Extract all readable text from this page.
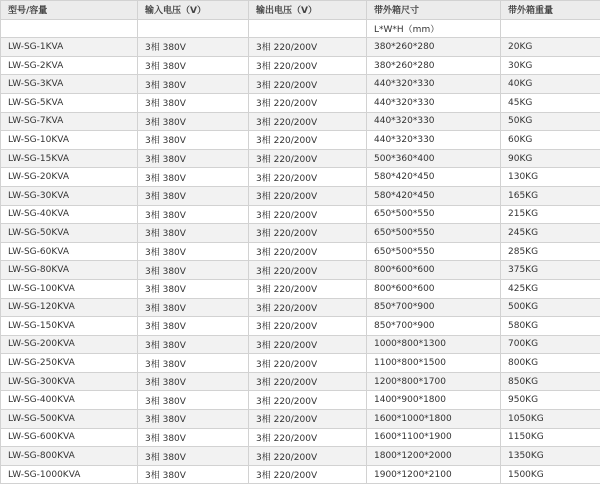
型号/容量	输入电压（V）	输出电压（V）	带外箱尺寸	带外箱重量
			L*W*H（mm）	
LW-SG-1KVA	3相 380V	3相 220/200V	380*260*280	20KG
LW-SG-2KVA	3相 380V	3相 220/200V	380*260*280	30KG
LW-SG-3KVA	3相 380V	3相 220/200V	440*320*330	40KG
LW-SG-5KVA	3相 380V	3相 220/200V	440*320*330	45KG
LW-SG-7KVA	3相 380V	3相 220/200V	440*320*330	50KG
LW-SG-10KVA	3相 380V	3相 220/200V	440*320*330	60KG
LW-SG-15KVA	3相 380V	3相 220/200V	500*360*400	90KG
LW-SG-20KVA	3相 380V	3相 220/200V	580*420*450	130KG
LW-SG-30KVA	3相 380V	3相 220/200V	580*420*450	165KG
LW-SG-40KVA	3相 380V	3相 220/200V	650*500*550	215KG
LW-SG-50KVA	3相 380V	3相 220/200V	650*500*550	245KG
LW-SG-60KVA	3相 380V	3相 220/200V	650*500*550	285KG
LW-SG-80KVA	3相 380V	3相 220/200V	800*600*600	375KG
LW-SG-100KVA	3相 380V	3相 220/200V	800*600*600	425KG
LW-SG-120KVA	3相 380V	3相 220/200V	850*700*900	500KG
LW-SG-150KVA	3相 380V	3相 220/200V	850*700*900	580KG
LW-SG-200KVA	3相 380V	3相 220/200V	1000*800*1300	700KG
LW-SG-250KVA	3相 380V	3相 220/200V	1100*800*1500	800KG
LW-SG-300KVA	3相 380V	3相 220/200V	1200*800*1700	850KG
LW-SG-400KVA	3相 380V	3相 220/200V	1400*900*1800	950KG
LW-SG-500KVA	3相 380V	3相 220/200V	1600*1000*1800	1050KG
LW-SG-600KVA	3相 380V	3相 220/200V	1600*1100*1900	1150KG
LW-SG-800KVA	3相 380V	3相 220/200V	1800*1200*2000	1350KG
LW-SG-1000KVA	3相 380V	3相 220/200V	1900*1200*2100	1500KG
